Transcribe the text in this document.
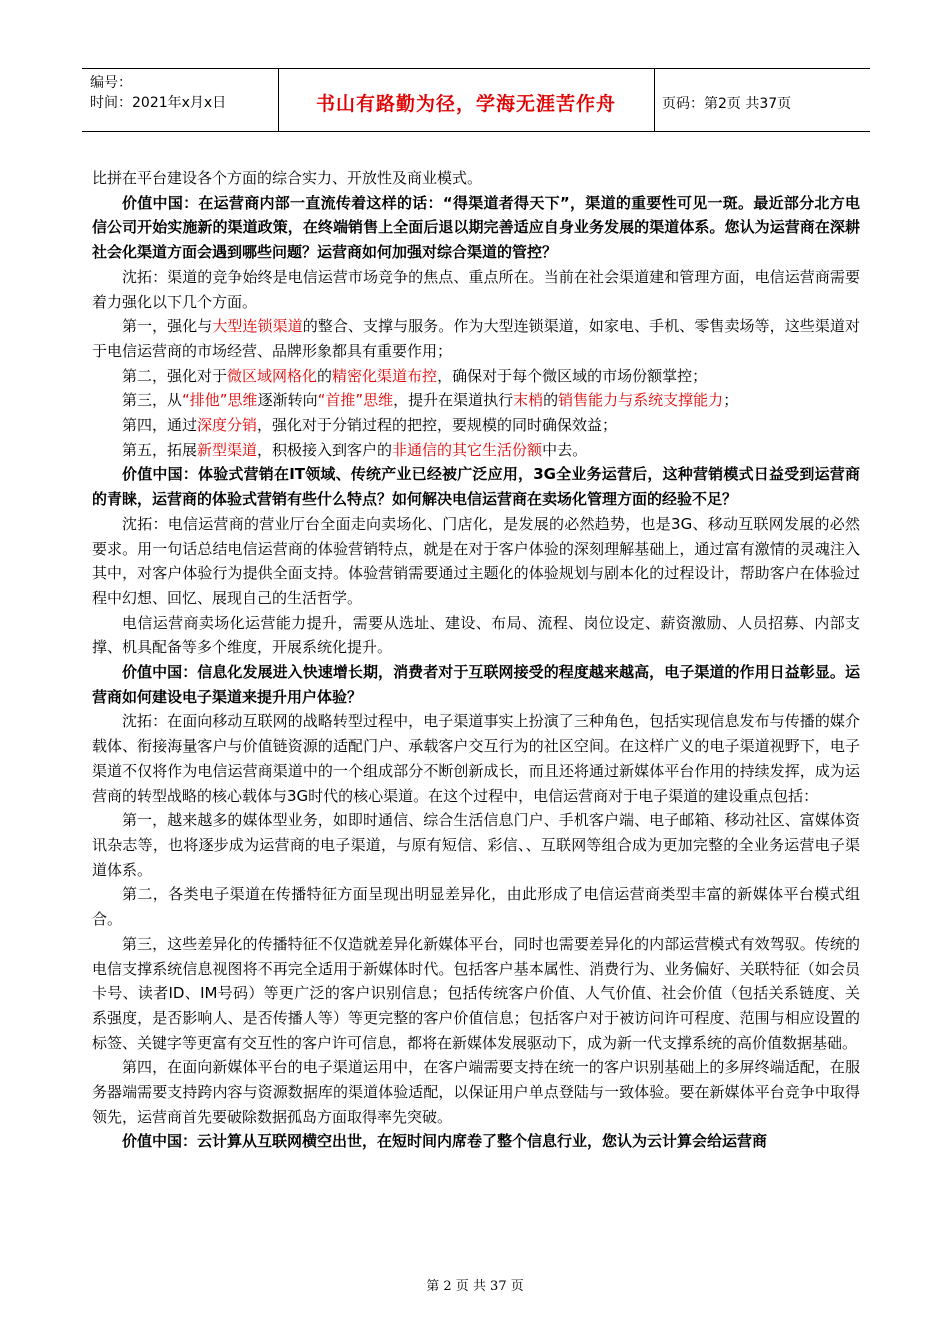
编号：
时间：2021年x月x日	书山有路勤为径，学海无涯苦作舟	页码：第2页 共37页

比拼在平台建设各个方面的综合实力、开放性及商业模式。

价值中国：在运营商内部一直流传着这样的话：“得渠道者得天下”，渠道的重要性可见一斑。最近部分北方电信公司开始实施新的渠道政策，在终端销售上全面后退以期完善适应自身业务发展的渠道体系。您认为运营商在深耕社会化渠道方面会遇到哪些问题？运营商如何加强对综合渠道的管控？

沈拓：渠道的竞争始终是电信运营市场竞争的焦点、重点所在。当前在社会渠道建和管理方面，电信运营商需要着力强化以下几个方面。

第一，强化与大型连锁渠道的整合、支撑与服务。作为大型连锁渠道，如家电、手机、零售卖场等，这些渠道对于电信运营商的市场经营、品牌形象都具有重要作用；

第二，强化对于微区域网格化的精密化渠道布控，确保对于每个微区域的市场份额掌控；

第三，从“排他”思维逐渐转向“首推”思维，提升在渠道执行末梢的销售能力与系统支撑能力；

第四，通过深度分销，强化对于分销过程的把控，要规模的同时确保效益；

第五，拓展新型渠道，积极接入到客户的非通信的其它生活份额中去。

价值中国：体验式营销在IT领域、传统产业已经被广泛应用，3G全业务运营后，这种营销模式日益受到运营商的青睐，运营商的体验式营销有些什么特点？如何解决电信运营商在卖场化管理方面的经验不足？

沈拓：电信运营商的营业厅台全面走向卖场化、门店化，是发展的必然趋势，也是3G、移动互联网发展的必然要求。用一句话总结电信运营商的体验营销特点，就是在对于客户体验的深刻理解基础上，通过富有激情的灵魂注入其中，对客户体验行为提供全面支持。体验营销需要通过主题化的体验规划与剧本化的过程设计，帮助客户在体验过程中幻想、回忆、展现自己的生活哲学。

电信运营商卖场化运营能力提升，需要从选址、建设、布局、流程、岗位设定、薪资激励、人员招募、内部支撑、机具配备等多个维度，开展系统化提升。

价值中国：信息化发展进入快速增长期，消费者对于互联网接受的程度越来越高，电子渠道的作用日益彰显。运营商如何建设电子渠道来提升用户体验？

沈拓：在面向移动互联网的战略转型过程中，电子渠道事实上扮演了三种角色，包括实现信息发布与传播的媒介载体、衔接海量客户与价值链资源的适配门户、承载客户交互行为的社区空间。在这样广义的电子渠道视野下，电子渠道不仅将作为电信运营商渠道中的一个组成部分不断创新成长，而且还将通过新媒体平台作用的持续发挥，成为运营商的转型战略的核心载体与3G时代的核心渠道。在这个过程中，电信运营商对于电子渠道的建设重点包括：

第一，越来越多的媒体型业务，如即时通信、综合生活信息门户、手机客户端、电子邮箱、移动社区、富媒体资讯杂志等，也将逐步成为运营商的电子渠道，与原有短信、彩信、、互联网等组合成为更加完整的全业务运营电子渠道体系。

第二，各类电子渠道在传播特征方面呈现出明显差异化，由此形成了电信运营商类型丰富的新媒体平台模式组合。

第三，这些差异化的传播特征不仅造就差异化新媒体平台，同时也需要差异化的内部运营模式有效驾驭。传统的电信支撑系统信息视图将不再完全适用于新媒体时代。包括客户基本属性、消费行为、业务偏好、关联特征（如会员卡号、读者ID、IM号码）等更广泛的客户识别信息；包括传统客户价值、人气价值、社会价值（包括关系链度、关系强度，是否影响人、是否传播人等）等更完整的客户价值信息；包括客户对于被访问许可程度、范围与相应设置的标签、关键字等更富有交互性的客户许可信息，都将在新媒体发展驱动下，成为新一代支撑系统的高价值数据基础。

第四，在面向新媒体平台的电子渠道运用中，在客户端需要支持在统一的客户识别基础上的多屏终端适配，在服务器端需要支持跨内容与资源数据库的渠道体验适配，以保证用户单点登陆与一致体验。要在新媒体平台竞争中取得领先，运营商首先要破除数据孤岛方面取得率先突破。

价值中国：云计算从互联网横空出世，在短时间内席卷了整个信息行业，您认为云计算会给运营商

第 2 页 共 37 页
